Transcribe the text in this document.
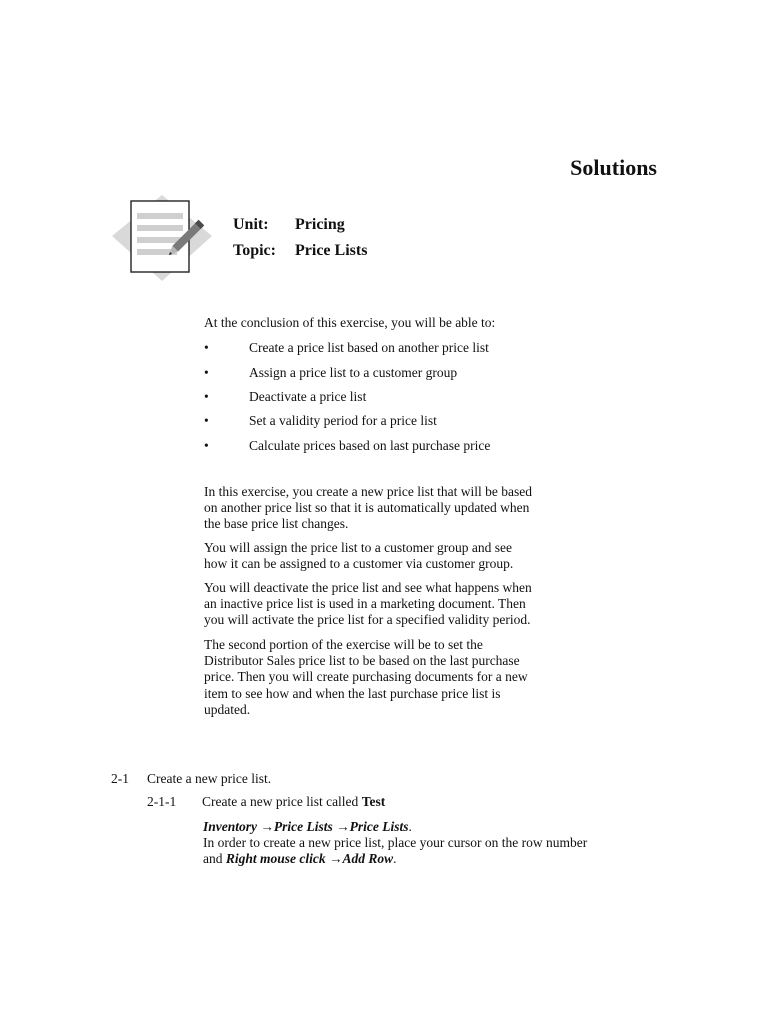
Solutions
Unit: Pricing
Topic: Price Lists
At the conclusion of this exercise, you will be able to:
•	Create a price list based on another price list
•	Assign a price list to a customer group
•	Deactivate a price list
•	Set a validity period for a price list
•	Calculate prices based on last purchase price
In this exercise, you create a new price list that will be based
on another price list so that it is automatically updated when
the base price list changes.
You will assign the price list to a customer group and see
how it can be assigned to a customer via customer group.
You will deactivate the price list and see what happens when
an inactive price list is used in a marketing document. Then
you will activate the price list for a specified validity period.
The second portion of the exercise will be to set the
Distributor Sales price list to be based on the last purchase
price. Then you will create purchasing documents for a new
item to see how and when the last purchase price list is
updated.
2-1 Create a new price list.
2-1-1 Create a new price list called Test
Inventory →Price Lists →Price Lists.
In order to create a new price list, place your cursor on the row number
and Right mouse click →Add Row.
